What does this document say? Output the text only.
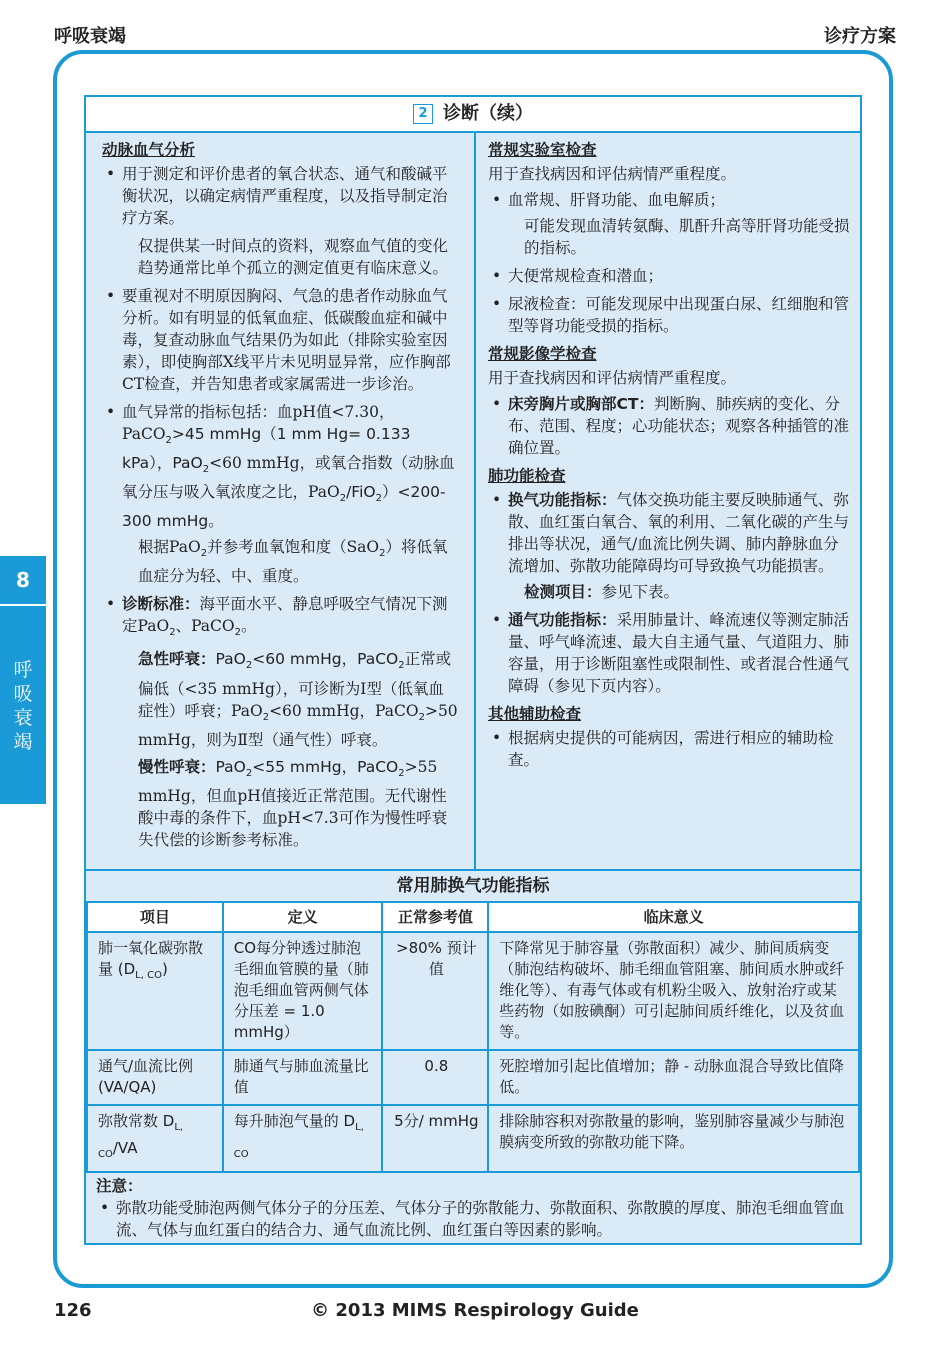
呼吸衰竭	诊疗方案
8
呼
吸
衰
竭
2 诊断（续）
动脉血气分析
• 用于测定和评价患者的氧合状态、通气和酸碱平衡状况，以确定病情严重程度，以及指导制定治疗方案。
- 仅提供某一时间点的资料，观察血气值的变化趋势通常比单个孤立的测定值更有临床意义。
• 要重视对不明原因胸闷、气急的患者作动脉血气分析。如有明显的低氧血症、低碳酸血症和碱中毒，复查动脉血气结果仍为如此（排除实验室因素），即使胸部X线平片未见明显异常，应作胸部CT检查，并告知患者或家属需进一步诊治。
• 血气异常的指标包括：血pH值<7.30，PaCO$_2$>45 mmHg（1 mm Hg= 0.133 kPa），PaO$_2$<60 mmHg，或氧合指数（动脉血氧分压与吸入氧浓度之比，PaO$_2$/FiO$_2$）<200-300 mmHg。
- 根据PaO$_2$并参考血氧饱和度（SaO$_2$）将低氧血症分为轻、中、重度。
• 诊断标准：海平面水平、静息呼吸空气情况下测定PaO$_2$、PaCO$_2$。
- 急性呼衰：PaO$_2$<60 mmHg，PaCO$_2$正常或偏低（<35 mmHg），可诊断为Ⅰ型（低氧血症性）呼衰；PaO$_2$<60 mmHg，PaCO$_2$>50 mmHg，则为Ⅱ型（通气性）呼衰。
- 慢性呼衰：PaO$_2$<55 mmHg，PaCO$_2$>55 mmHg，但血pH值接近正常范围。无代谢性酸中毒的条件下，血pH<7.3可作为慢性呼衰失代偿的诊断参考标准。
常规实验室检查
用于查找病因和评估病情严重程度。
• 血常规、肝肾功能、血电解质；
- 可能发现血清转氨酶、肌酐升高等肝肾功能受损的指标。
• 大便常规检查和潜血；
• 尿液检查：可能发现尿中出现蛋白尿、红细胞和管型等肾功能受损的指标。
常规影像学检查
用于查找病因和评估病情严重程度。
• 床旁胸片或胸部CT：判断胸、肺疾病的变化、分布、范围、程度；心功能状态；观察各种插管的准确位置。
肺功能检查
• 换气功能指标：气体交换功能主要反映肺通气、弥散、血红蛋白氧合、氧的利用、二氧化碳的产生与排出等状况，通气/血流比例失调、肺内静脉血分流增加、弥散功能障碍均可导致换气功能损害。
- 检测项目：参见下表。
• 通气功能指标：采用肺量计、峰流速仪等测定肺活量、呼气峰流速、最大自主通气量、气道阻力、肺容量，用于诊断阻塞性或限制性、或者混合性通气障碍（参见下页内容）。
其他辅助检查
• 根据病史提供的可能病因，需进行相应的辅助检查。
常用肺换气功能指标
项目	定义	正常参考值	临床意义
肺一氧化碳弥散量 $(D_{L, CO})$	CO每分钟透过肺泡毛细血管膜的量（肺泡毛细血管两侧气体分压差 = 1.0 mmHg）	>80% 预计值	下降常见于肺容量（弥散面积）减少、肺间质病变（肺泡结构破坏、肺毛细血管阻塞、肺间质水肿或纤维化等）、有毒气体或有机粉尘吸入、放射治疗或某些药物（如胺碘酮）可引起肺间质纤维化，以及贫血等。
通气/血流比例 (VA/QA)	肺通气与肺血流量比值	0.8	死腔增加引起比值增加；静 - 动脉血混合导致比值降低。
弥散常数 $D_{L, CO}/VA$	每升肺泡气量的 $D_{L, CO}$	5分/ mmHg	排除肺容积对弥散量的影响，鉴别肺容量减少与肺泡膜病变所致的弥散功能下降。
注意：
• 弥散功能受肺泡两侧气体分子的分压差、气体分子的弥散能力、弥散面积、弥散膜的厚度、肺泡毛细血管血流、气体与血红蛋白的结合力、通气血流比例、血红蛋白等因素的影响。
126	© 2013 MIMS Respirology Guide
